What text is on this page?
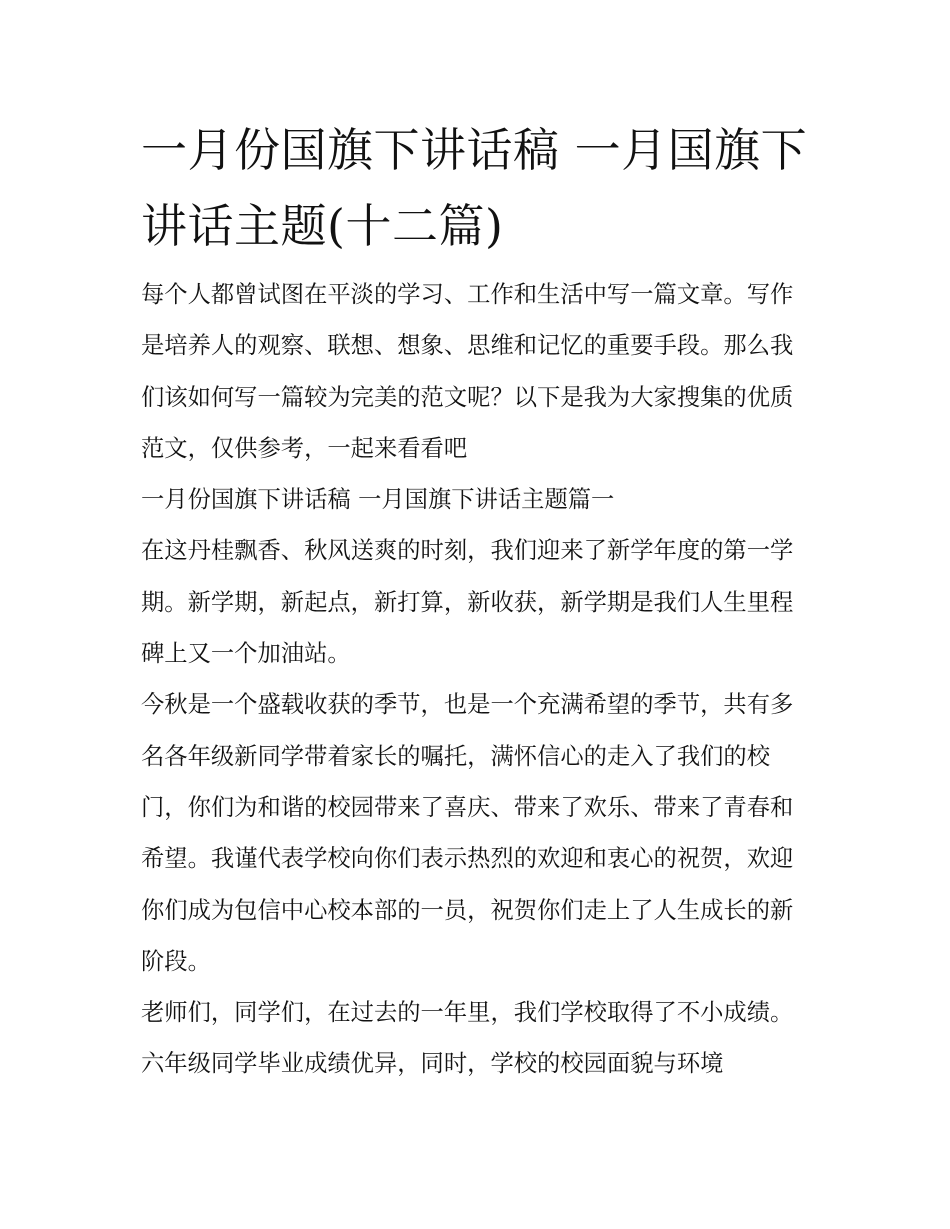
一月份国旗下讲话稿 一月国旗下讲话主题(十二篇)

每个人都曾试图在平淡的学习、工作和生活中写一篇文章。写作是培养人的观察、联想、想象、思维和记忆的重要手段。那么我们该如何写一篇较为完美的范文呢？以下是我为大家搜集的优质范文，仅供参考，一起来看看吧

一月份国旗下讲话稿 一月国旗下讲话主题篇一

在这丹桂飘香、秋风送爽的时刻，我们迎来了新学年度的第一学期。新学期，新起点，新打算，新收获，新学期是我们人生里程碑上又一个加油站。

今秋是一个盛载收获的季节，也是一个充满希望的季节，共有多名各年级新同学带着家长的嘱托，满怀信心的走入了我们的校门，你们为和谐的校园带来了喜庆、带来了欢乐、带来了青春和希望。我谨代表学校向你们表示热烈的欢迎和衷心的祝贺，欢迎你们成为包信中心校本部的一员，祝贺你们走上了人生成长的新阶段。

老师们，同学们，在过去的一年里，我们学校取得了不小成绩。六年级同学毕业成绩优异，同时，学校的校园面貌与环境
